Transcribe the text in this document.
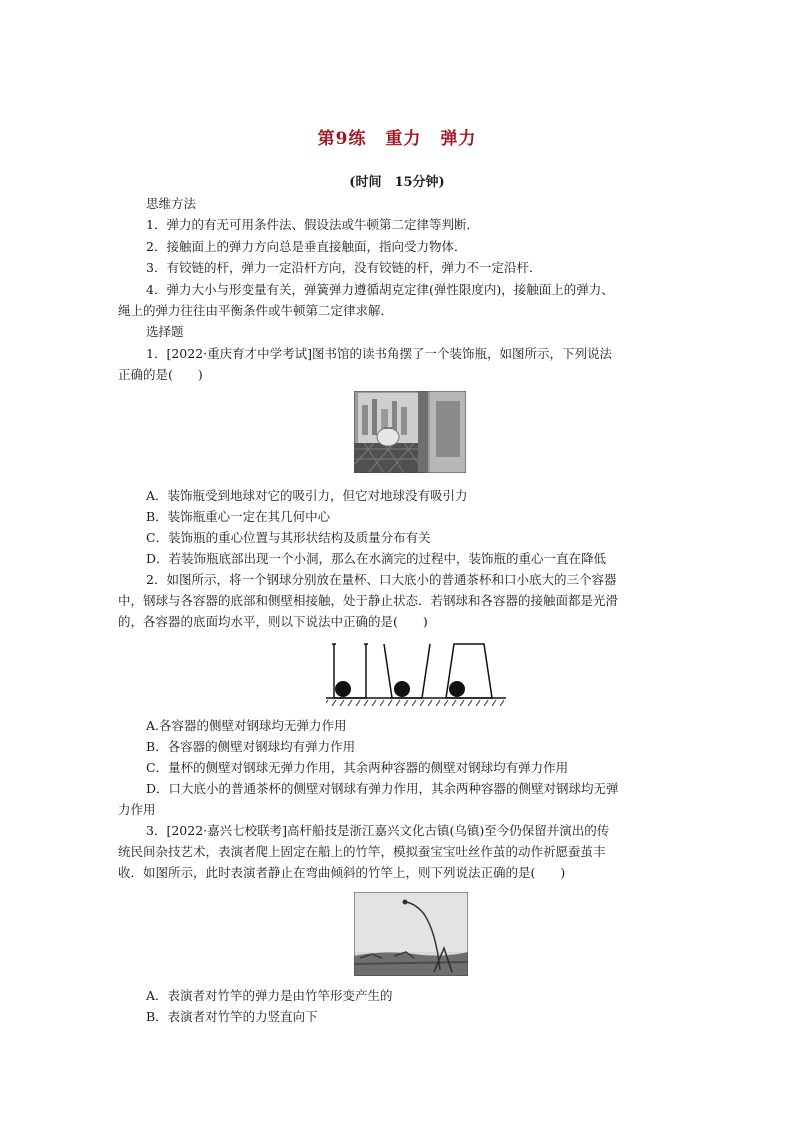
第9练 重力 弹力
(时间　15分钟)
思维方法
1．弹力的有无可用条件法、假设法或牛顿第二定律等判断．
2．接触面上的弹力方向总是垂直接触面，指向受力物体．
3．有铰链的杆，弹力一定沿杆方向，没有铰链的杆，弹力不一定沿杆．
4．弹力大小与形变量有关，弹簧弹力遵循胡克定律(弹性限度内)，接触面上的弹力、
绳上的弹力往往由平衡条件或牛顿第二定律求解．
选择题
1．[2022·重庆育才中学考试]图书馆的读书角摆了一个装饰瓶，如图所示，下列说法
正确的是(　　)
A．装饰瓶受到地球对它的吸引力，但它对地球没有吸引力
B．装饰瓶重心一定在其几何中心
C．装饰瓶的重心位置与其形状结构及质量分布有关
D．若装饰瓶底部出现一个小洞，那么在水滴完的过程中，装饰瓶的重心一直在降低
2．如图所示，将一个钢球分别放在量杯、口大底小的普通茶杯和口小底大的三个容器
中，钢球与各容器的底部和侧壁相接触，处于静止状态．若钢球和各容器的接触面都是光滑
的，各容器的底面均水平，则以下说法中正确的是(　　)
A.各容器的侧壁对钢球均无弹力作用
B．各容器的侧壁对钢球均有弹力作用
C．量杯的侧壁对钢球无弹力作用，其余两种容器的侧壁对钢球均有弹力作用
D．口大底小的普通茶杯的侧壁对钢球有弹力作用，其余两种容器的侧壁对钢球均无弹
力作用
3．[2022·嘉兴七校联考]高杆船技是浙江嘉兴文化古镇(乌镇)至今仍保留并演出的传
统民间杂技艺术，表演者爬上固定在船上的竹竿，模拟蚕宝宝吐丝作茧的动作祈愿蚕茧丰
收．如图所示，此时表演者静止在弯曲倾斜的竹竿上，则下列说法正确的是(　　)
A．表演者对竹竿的弹力是由竹竿形变产生的
B．表演者对竹竿的力竖直向下
